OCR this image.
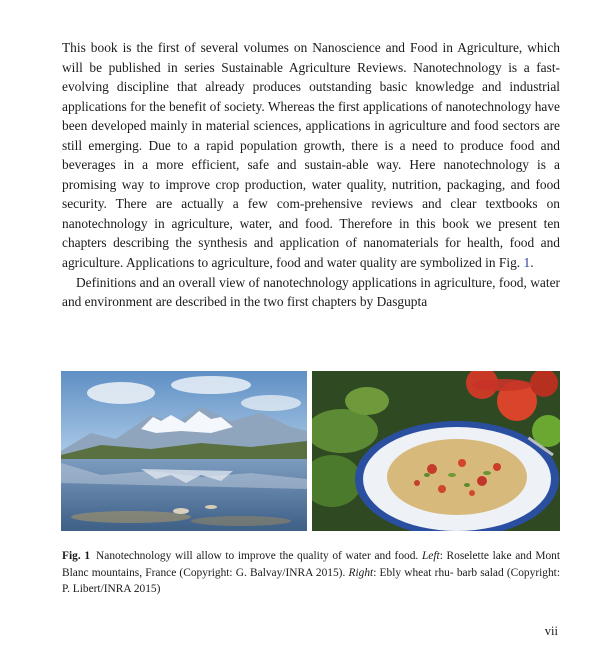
This book is the first of several volumes on Nanoscience and Food in Agriculture, which will be published in series Sustainable Agriculture Reviews. Nanotechnology is a fast-evolving discipline that already produces outstanding basic knowledge and industrial applications for the benefit of society. Whereas the first applications of nanotechnology have been developed mainly in material sciences, applications in agriculture and food sectors are still emerging. Due to a rapid population growth, there is a need to produce food and beverages in a more efficient, safe and sustain-able way. Here nanotechnology is a promising way to improve crop production, water quality, nutrition, packaging, and food security. There are actually a few com-prehensive reviews and clear textbooks on nanotechnology in agriculture, water, and food. Therefore in this book we present ten chapters describing the synthesis and application of nanomaterials for health, food and agriculture. Applications to agriculture, food and water quality are symbolized in Fig. 1.

Definitions and an overall view of nanotechnology applications in agriculture, food, water and environment are described in the two first chapters by Dasgupta

Fig. 1 Nanotechnology will allow to improve the quality of water and food. Left: Roselette lake and Mont Blanc mountains, France (Copyright: G. Balvay/INRA 2015). Right: Ebly wheat rhu- barb salad (Copyright: P. Libert/INRA 2015)
vii
